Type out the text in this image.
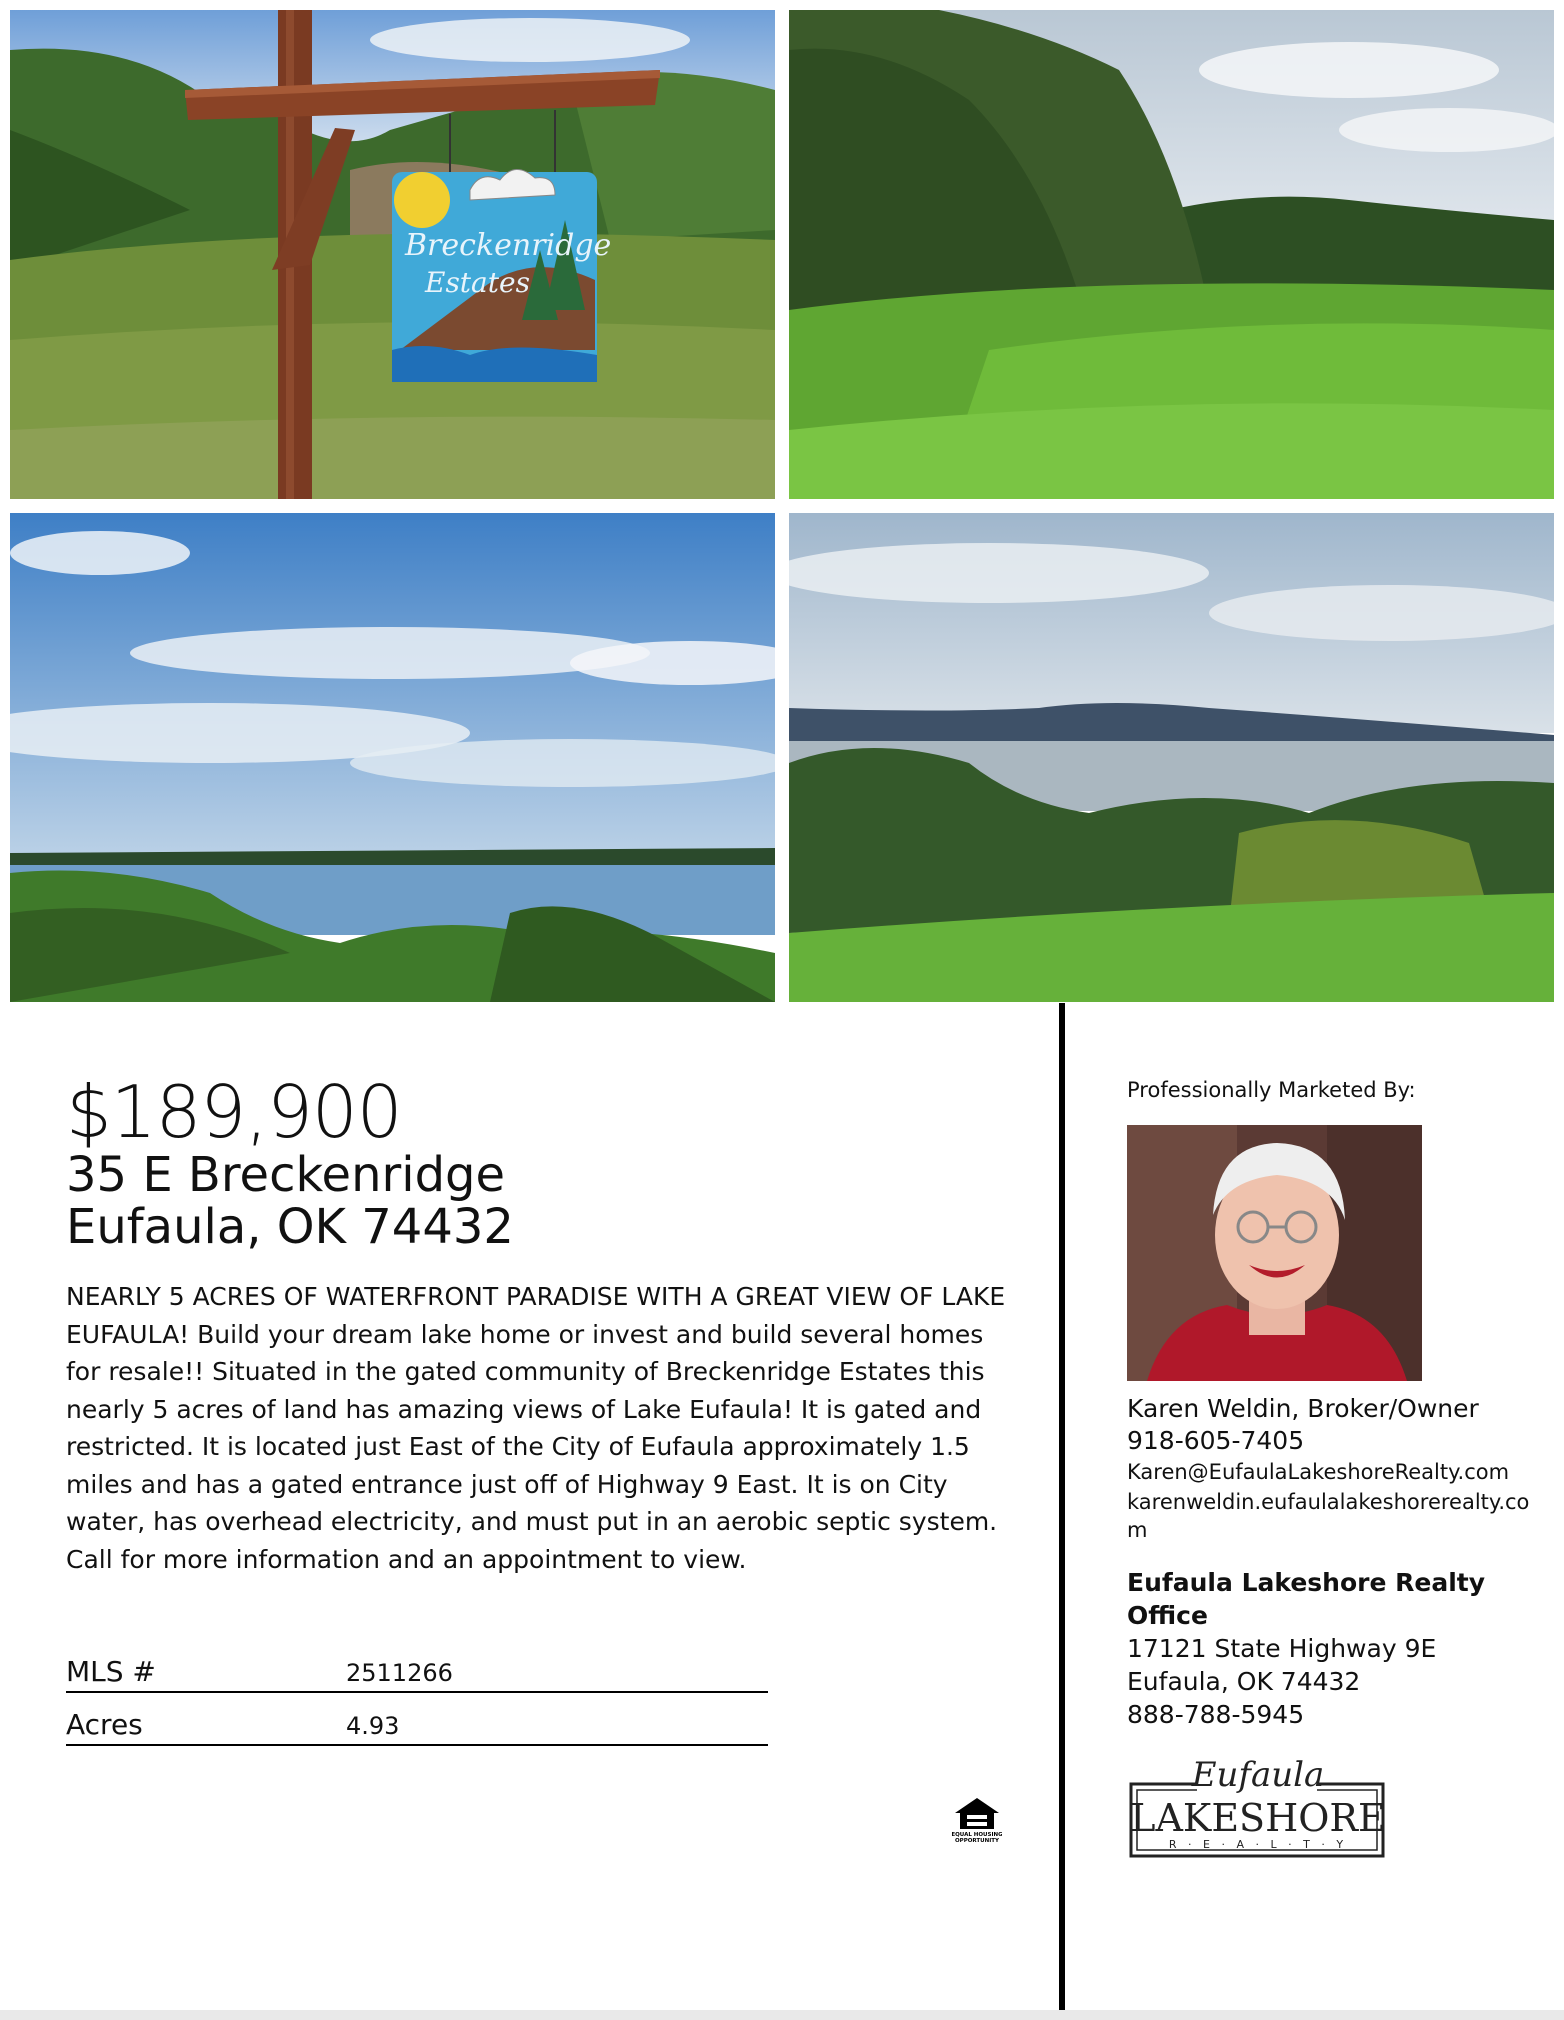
Breckenridge
Estates
$189,900
35 E Breckenridge
Eufaula, OK 74432
NEARLY 5 ACRES OF WATERFRONT PARADISE WITH A GREAT VIEW OF LAKE EUFAULA! Build your dream lake home or invest and build several homes for resale!! Situated in the gated community of Breckenridge Estates this nearly 5 acres of land has amazing views of Lake Eufaula! It is gated and restricted. It is located just East of the City of Eufaula approximately 1.5 miles and has a gated entrance just off of Highway 9 East. It is on City water, has overhead electricity, and must put in an aerobic septic system. Call for more information and an appointment to view.
MLS #	2511266
Acres	4.93
EQUAL HOUSING
OPPORTUNITY
Professionally Marketed By:
Karen Weldin, Broker/Owner
918-605-7405
Karen@EufaulaLakeshoreRealty.com
karenweldin.eufaulalakeshorerealty.co
m
Eufaula Lakeshore Realty Office
17121 State Highway 9E
Eufaula, OK 74432
888-788-5945
Eufaula
LAKESHORE
R · E · A · L · T · Y
